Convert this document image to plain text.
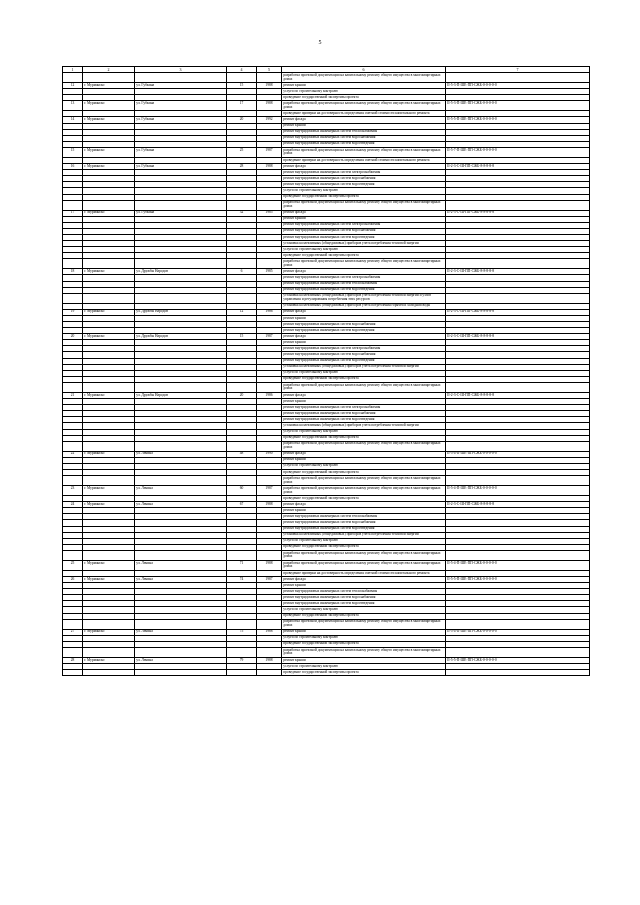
5
1	2	3	4	5	6	7
					разработка проектной документации на капитальному ремонту общего имущества в многоквартирных домах	
12	г. Мурманско	ул. Губкина	15	1988	ремонт крыши	II-5-3-П-ШЕ-ПП-СЖБ-0-0-0-0-0
					услуги по строительному контролю	
					проведение государственной экспертизы проекта	
13	г. Мурманско	ул. Губкина	17	1988	разработка проектной документации на капитальному ремонту общего имущества в многоквартирных домах	II-5-3-П-ШЕ-ПП-СЖБ-0-0-0-0-0
					проведение проверки на достоверность определения сметной стоимости капитального ремонта	
14	г. Мурманско	ул. Губкина	20	1992	ремонт фасада	II-5-5-П-ШЕ-ПП-СЖБ-0-0-0-0-0
					ремонт крыши	
					ремонт внутридомовых инженерных систем теплоснабжения	
					ремонт внутридомовых инженерных систем водоснабжения	
					ремонт внутридомовых инженерных систем водоотведения	
15	г. Мурманско	ул. Губкина	25	1987	разработка проектной документации на капитальному ремонту общего имущества в многоквартирных домах	II-5-7-П-ШЕ-ПП-СЖБ-0-0-0-0-0
					проведение проверки на достоверность определения сметной стоимости капитального ремонта	
16	г. Мурманско	ул. Губкина	28	1988	ремонт фасада	II-2-3-С-Ш-ПП-СЖБ-8-8-8-8-8
					ремонт внутридомовых инженерных систем электроснабжения	
					ремонт внутридомовых инженерных систем водоснабжения	
					ремонт внутридомовых инженерных систем водоотведения	
					услуги по строительному контролю	
					проведение государственной экспертизы проекта	
					разработка проектной документации на капитальному ремонту общего имущества в многоквартирных домах	
17	г. Мурманско	ул. Губкина	32	1985	ремонт фасада	II-2-3-С-Ш-ПП-СЖБ-8-8-8-8-8
					ремонт крыши	
					ремонт внутридомовых инженерных систем электроснабжения	
					ремонт внутридомовых инженерных систем водоснабжения	
					ремонт внутридомовых инженерных систем водоотведения	
					установка коллективных (общедомовых) приборов учета потребления тепловой энергии	
					услуги по строительному контролю	
					проведение государственной экспертизы проекта	
					разработка проектной документации на капитальному ремонту общего имущества в многоквартирных домах	
18	г. Мурманско	ул. Дружбы Народов	6	1985	ремонт фасада	II-2-3-С-Ш-ПП-СЖБ-8-8-8-8-8
					ремонт внутридомовых инженерных систем электроснабжения	
					ремонт внутридомовых инженерных систем теплоснабжения	
					ремонт внутридомовых инженерных систем водоотведения	
					установка коллективных (общедомовых) приборов учета потребления тепловой энергии и узлов управления и регулирования потребления этих ресурсов	
					установка коллективных (общедомовых) приборов учета потребления горячей и холодной воды	
19	г. Мурманско	ул. Дружбы Народов	12	1986	ремонт фасада	II-2-3-С-Ш-ПП-СЖБ-8-8-8-8-8
					ремонт крыши	
					ремонт внутридомовых инженерных систем водоснабжения	
					ремонт внутридомовых инженерных систем водоотведения	
20	г. Мурманско	ул. Дружбы Народов	15	1987	ремонт фасада	II-2-3-С-Ш-ПП-СЖБ-8-8-8-8-8
					ремонт крыши	
					ремонт внутридомовых инженерных систем электроснабжения	
					ремонт внутридомовых инженерных систем водоснабжения	
					ремонт внутридомовых инженерных систем водоотведения	
					установка коллективных (общедомовых) приборов учета потребления тепловой энергии	
					услуги по строительному контролю	
					проведение государственной экспертизы проекта	
					разработка проектной документации на капитальному ремонту общего имущества в многоквартирных домах	
21	г. Мурманско	ул. Дружбы Народов	20	1986	ремонт фасада	II-2-3-С-Ш-ПП-СЖБ-8-8-8-8-8
					ремонт крыши	
					ремонт внутридомовых инженерных систем электроснабжения	
					ремонт внутридомовых инженерных систем водоснабжения	
					ремонт внутридомовых инженерных систем водоотведения	
					установка коллективных (общедомовых) приборов учета потребления тепловой энергии	
					услуги по строительному контролю	
					проведение государственной экспертизы проекта	
					разработка проектной документации на капитальному ремонту общего имущества в многоквартирных домах	
22	г. Мурманско	ул. Ленина	48	1990	ремонт фасада	II-5-4-П-ШЕ-ПП-СЖБ-0-0-0-0-0
					ремонт крыши	
					услуги по строительному контролю	
					проведение государственной экспертизы проекта	
					разработка проектной документации на капитальному ремонту общего имущества в многоквартирных домах	
23	г. Мурманско	ул. Ленина	60	1987	разработка проектной документации на капитальному ремонту общего имущества в многоквартирных домах	II-5-4-П-ШЕ-ПП-СЖБ-0-0-0-0-0
					проведение государственной экспертизы проекта	
24	г. Мурманско	ул. Ленина	67	1988	ремонт фасада	II-2-3-С-Ш-ПП-СЖБ-8-8-8-8-8
					ремонт крыши	
					ремонт внутридомовых инженерных систем теплоснабжения	
					ремонт внутридомовых инженерных систем водоснабжения	
					ремонт внутридомовых инженерных систем водоотведения	
					установка коллективных (общедомовых) приборов учета потребления тепловой энергии	
					услуги по строительному контролю	
					проведение государственной экспертизы проекта	
					разработка проектной документации на капитальному ремонту общего имущества в многоквартирных домах	
25	г. Мурманско	ул. Ленина	71	1988	разработка проектной документации на капитальному ремонту общего имущества в многоквартирных домах	II-5-4-П-ШЕ-ПП-СЖБ-0-0-0-0-0
					проведение проверки на достоверность определения сметной стоимости капитального ремонта	
26	г. Мурманско	ул. Ленина	74	1987	ремонт фасада	II-5-5-П-ШЕ-ПП-СЖБ-0-0-0-0-0
					ремонт крыши	
					ремонт внутридомовых инженерных систем теплоснабжения	
					ремонт внутридомовых инженерных систем водоснабжения	
					ремонт внутридомовых инженерных систем водоотведения	
					услуги по строительному контролю	
					проведение государственной экспертизы проекта	
					разработка проектной документации на капитальному ремонту общего имущества в многоквартирных домах	
27	г. Мурманско	ул. Ленина	75	1988	ремонт крыши	II-5-4-П-ШЕ-ПП-СЖБ-0-0-0-0-0
					услуги по строительному контролю	
					проведение государственной экспертизы проекта	
					разработка проектной документации на капитальному ремонту общего имущества в многоквартирных домах	
28	г. Мурманско	ул. Ленина	79	1988	ремонт крыши	II-5-5-П-ШЕ-ПП-СЖБ-0-0-0-0-0
					услуги по строительному контролю	
					проведение государственной экспертизы проекта	
